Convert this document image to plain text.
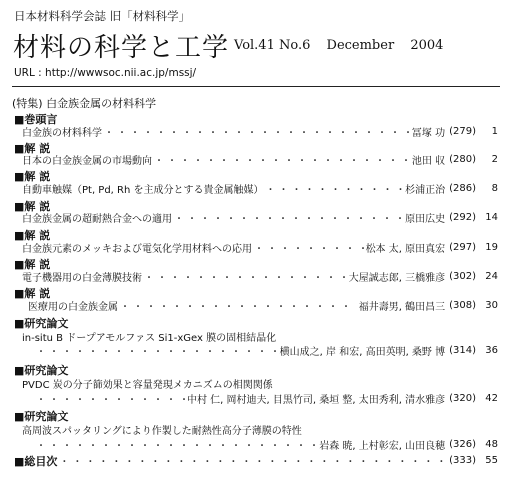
日本材料科学会誌 旧「材料科学」
材料の科学と工学 Vol.41 No.6 December 2004
URL : http://wwwsoc.nii.ac.jp/mssj/
(特集) 白金族金属の材料科学
■巻頭言
白金族の材料科学 ・・・・・・・・・・・・・・・・・・・・・・・・・・・・・・・・・・・・・・・・・・・・・・・・・・・・・・・・・	冨塚 功 (279)	1
■解 説
日本の白金族金属の市場動向 ・・・・・・・・・・・・・・・・・・・・・・・・・・・・・・・・・・・・・・・・・・・・・・・・・・・・・・・・・	池田 収 (280)	2
■解 説
自動車触媒（Pt, Pd, Rh を主成分とする貴金属触媒） ・・・・・・・・・・・・・・・・・・・・・・・・・・・・・・・・・・・・・・・・・・・・・・・・・・・・・・・・・	杉浦正治 (286)	8
■解 説
白金族金属の超耐熱合金への適用 ・・・・・・・・・・・・・・・・・・・・・・・・・・・・・・・・・・・・・・・・・・・・・・・・・・・・・・・・・	原田広史 (292) 14
■解 説
白金族元素のメッキおよび電気化学用材料への応用 ・・・・・・・・・・・・・・・・・・・・・・・・・・・・・・・・・・・・・・・・・・・・・・・・・・・・・・・・・	松本 太, 原田真宏 (297) 19
■解 説
電子機器用の白金薄膜技術 ・・・・・・・・・・・・・・・・・・・・・・・・・・・・・・・・・・・・・・・・・・・・・・・・・・・・・・・・・	大屋誠志郎, 三橋雅彦 (302) 24
■解 説
医療用の白金族金属 ・・・・・・・・・・・・・・・・・・・・・・・・・・・・・・・・・・・・・・・・・・・・・・・・・・・・・・・・・	福井壽男, 鶴田昌三 (308) 30
■研究論文
in-situ B ドープアモルファス Si1-xGex 膜の固相結晶化
・・・・・・・・・・・・・・・・・・・・・・・・・・・・・・・・・・・・・・・・・・・・・・・・・・・・・・・・・
横山成之, 岸 和宏, 高田英明, 桑野 博 (314) 36
■研究論文
PVDC 炭の分子篩効果と容量発現メカニズムの相関関係
・・・・・・・・・・・・・・・・・・・・・・・・・・・・・・・・・・・・・・・・・・・・・・・・・・・・・・・・・
中村 仁, 岡村迪夫, 目黒竹司, 桑垣 整, 太田秀利, 清水雅彦 (320) 42
■研究論文
高周波スパッタリングにより作製した耐熱性高分子薄膜の特性
・・・・・・・・・・・・・・・・・・・・・・・・・・・・・・・・・・・・・・・・・・・・・・・・・・・・・・・・・
岩森 暁, 上村彰宏, 山田良穂 (326) 48
■総目次 ・・・・・・・・・・・・・・・・・・・・・・・・・・・・・・・・・・・・・・・・・・・・・・・・・・・・・・・・・	(333) 55
